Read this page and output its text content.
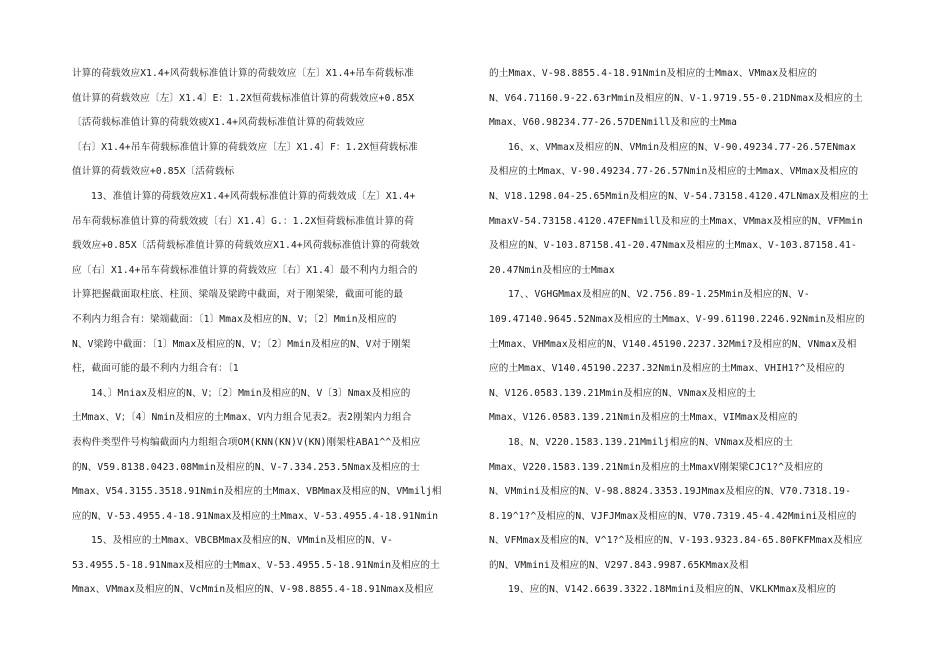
计算的荷载效应X1.4+风荷载标准值计算的荷载效应〔左〕X1.4+吊车荷载标准
值计算的荷载效应〔左〕X1.4〕E：1.2X恒荷载标准值计算的荷载效应+0.85X
〔活荷载标准值计算的荷载效疲X1.4+风荷载标准值计算的荷载效应
〔右〕X1.4+吊车荷载标准值计算的荷载效应〔左〕X1.4〕F：1.2X恒荷载标准
值计算的荷载效应+0.85X〔活荷载标
13、准值计算的荷载效应X1.4+风荷载标准值计算的荷载效成〔左〕X1.4+
吊车荷载标准值计算的荷载效疲〔右〕X1.4〕G.：1.2X恒荷载标准值计算的荷
载效应+0.85X〔活荷载标准值计算的荷载效应X1.4+风荷载标准值计算的荷载效
应〔右〕X1.4+吊车荷载标准值计算的荷载效应〔右〕X1.4〕最不利内力组合的
计算把握截面取柱底、柱顶、梁端及梁跨中截面，对于刚架梁，截面可能的最
不利内力组合有：梁端截面：〔1〕Mmax及相应的N、V；〔2〕Mmin及相应的
N、V梁跨中截面：〔1〕Mmax及相应的N、V；〔2〕Mmin及相应的N、V对于刚架
柱，截面可能的最不利内力组合有：〔1
14、〕Mniax及相应的N、V；〔2〕Mmin及相应的N、V〔3〕Nmax及相应的
土Mmax、V；〔4〕Nmin及相应的土Mmax、V内力组合见表2。表2刚架内力组合
表构件类型件号构编截面内力组组合项OM(KNN(KN)V(KN)刚架柱ABA1^^及相应
的N、V59.8138.0423.08Mmin及相应的N、V-7.334.253.5Nmax及相应的士
Mmax、V54.3155.3518.91Nmin及相应的土Mmax、VBMmax及相应的N、VMmilj相
应的N、V-53.4955.4-18.91Nmax及相应的土Mmax、V-53.4955.4-18.91Nmin
15、及相应的土Mmax、VBCBMmax及相应的N、VMmin及相应的N、V-
53.4955.5-18.91Nmax及相应的士Mmax、V-53.4955.5-18.91Nmin及相应的土
Mmax、VMmax及相应的N、VcMmin及相应的N、V-98.8855.4-18.91Nmax及相应
的土Mmax、V-98.8855.4-18.91Nmin及相应的士Mmax、VMmax及相应的
N、V64.71160.9-22.63rMmin及相应的N、V-1.9719.55-0.21DNmax及相应的土
Mmax、V60.98234.77-26.57DENmill及和应的土Mma
16、x、VMmax及相应的N、VMmin及相应的N、V-90.49234.77-26.57ENmax
及相应的土Mmax、V-90.49234.77-26.57Nmin及相应的士Mmax、VMmax及相应的
N、V18.1298.04-25.65Mmin及相应的N、V-54.73158.4120.47LNmax及相应的土
MmaxV-54.73158.4120.47EFNmill及和应的土Mmax、VMmax及相应的N、VFMmin
及相应的N、V-103.87158.41-20.47Nmax及相应的土Mmax、V-103.87158.41-
20.47Nmin及相应的士Mmax
17、、VGHGMmax及相应的N、V2.756.89-1.25Mmin及相应的N、V-
109.47140.9645.52Nmax及相应的土Mmax、V-99.61190.2246.92Nmin及相应的
土Mmax、VHMmax及相应的N、V140.45190.2237.32Mmi?及相应的N、VNmax及相
应的土Mmax、V140.45190.2237.32Nmin及相应的土Mmax、VHIH1?^及相应的
N、V126.0583.139.21Mmin及相应的N、VNmax及相应的土
Mmax、V126.0583.139.21Nmin及相应的土Mmax、VIMmax及相应的
18、N、V220.1583.139.21Mmilj相应的N、VNmax及相应的土
Mmax、V220.1583.139.21Nmin及相应的土MmaxV刚架梁CJC1?^及相应的
N、VMmini及相应的N、V-98.8824.3353.19JMmax及相应的N、V70.7318.19-
8.19^1?^及相应的N、VJFJMmax及相应的N、V70.7319.45-4.42Mmini及相应的
N、VFMmax及相应的N、V^1?^及相应的N、V-193.9323.84-65.80FKFMmax及相应
的N、VMmini及相应的N、V297.843.9987.65KMmax及相
19、应的N、V142.6639.3322.18Mmini及相应的N、VKLKMmax及相应的
